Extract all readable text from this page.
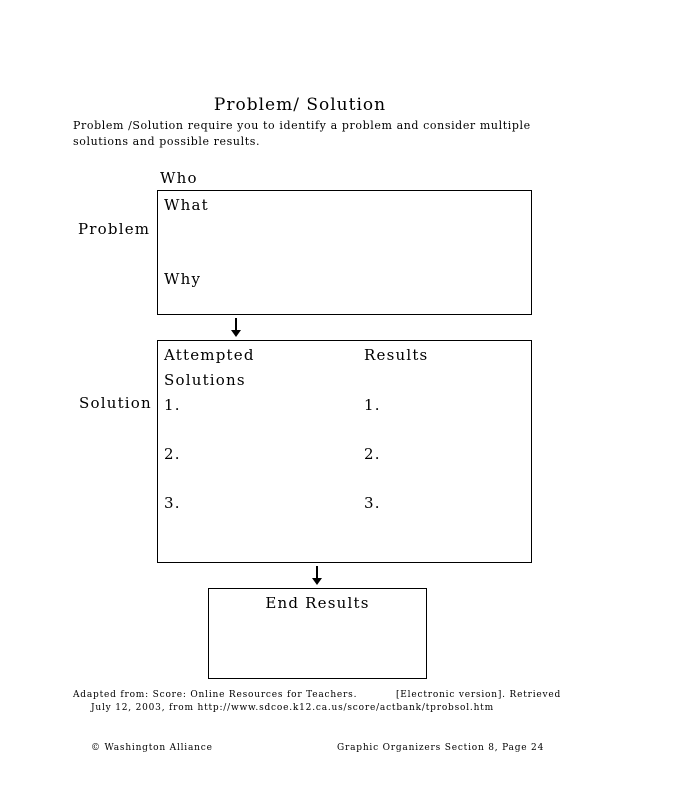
Problem/ Solution
Problem /Solution require you to identify a problem and consider multiple solutions and possible results.
Who
Problem
What
Why
Solution
Attempted
Solutions
Results
1.
2.
3.
1.
2.
3.
End Results
Adapted from: Score: Online Resources for Teachers.	[Electronic version]. Retrieved
July 12, 2003, from http://www.sdcoe.k12.ca.us/score/actbank/tprobsol.htm
© Washington Alliance	Graphic Organizers Section 8, Page 24
